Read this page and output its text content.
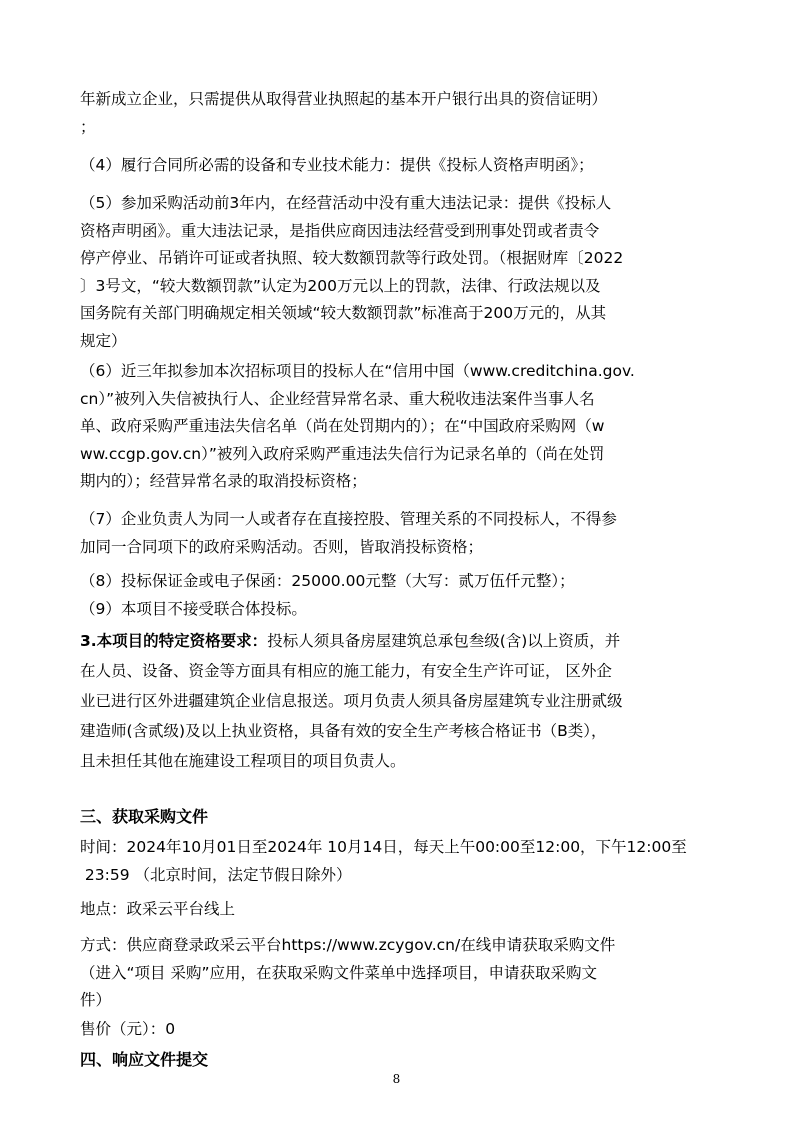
年新成立企业，只需提供从取得营业执照起的基本开户银行出具的资信证明）
；
（4）履行合同所必需的设备和专业技术能力：提供《投标人资格声明函》；
（5）参加采购活动前3年内，在经营活动中没有重大违法记录：提供《投标人
资格声明函》。重大违法记录，是指供应商因违法经营受到刑事处罚或者责令
停产停业、吊销许可证或者执照、较大数额罚款等行政处罚。（根据财库〔2022
〕3号文，“较大数额罚款”认定为200万元以上的罚款，法律、行政法规以及
国务院有关部门明确规定相关领域“较大数额罚款”标准高于200万元的，从其
规定）
（6）近三年拟参加本次招标项目的投标人在“信用中国（www.creditchina.gov.
cn）”被列入失信被执行人、企业经营异常名录、重大税收违法案件当事人名
单、政府采购严重违法失信名单（尚在处罚期内的）；在“中国政府采购网（w
ww.ccgp.gov.cn）”被列入政府采购严重违法失信行为记录名单的（尚在处罚
期内的）；经营异常名录的取消投标资格；
（7）企业负责人为同一人或者存在直接控股、管理关系的不同投标人，不得参
加同一合同项下的政府采购活动。否则，皆取消投标资格；
（8）投标保证金或电子保函：25000.00元整（大写：贰万伍仟元整）；
（9）本项目不接受联合体投标。
3.本项目的特定资格要求：投标人须具备房屋建筑总承包叁级(含)以上资质，并
在人员、设备、资金等方面具有相应的施工能力，有安全生产许可证， 区外企
业已进行区外进疆建筑企业信息报送。项月负责人须具备房屋建筑专业注册贰级
建造师(含贰级)及以上执业资格，具备有效的安全生产考核合格证书（B类），
且未担任其他在施建设工程项目的项目负责人。
三、获取采购文件
时间：2024年10月01日至2024年 10月14日，每天上午00:00至12:00，下午12:00至
23:59 （北京时间，法定节假日除外）
地点：政采云平台线上
方式：供应商登录政采云平台https://www.zcygov.cn/在线申请获取采购文件
（进入“项目 采购”应用，在获取采购文件菜单中选择项目，申请获取采购文
件）
售价（元）：0
四、响应文件提交
8
